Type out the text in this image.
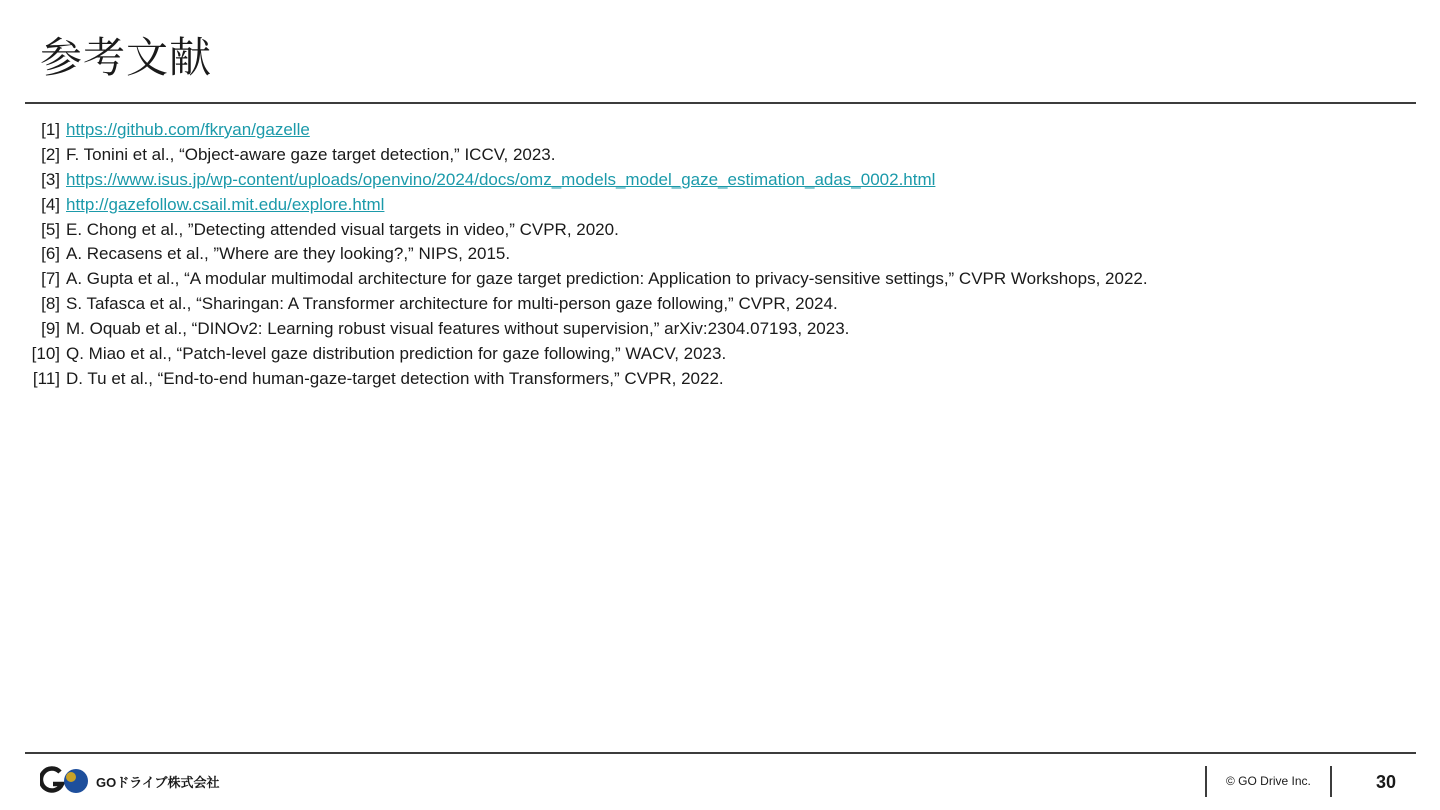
参考文献
[1] https://github.com/fkryan/gazelle
[2] F. Tonini et al., “Object-aware gaze target detection,” ICCV, 2023.
[3] https://www.isus.jp/wp-content/uploads/openvino/2024/docs/omz_models_model_gaze_estimation_adas_0002.html
[4] http://gazefollow.csail.mit.edu/explore.html
[5] E. Chong et al., ”Detecting attended visual targets in video,” CVPR, 2020.
[6] A. Recasens et al., ”Where are they looking?,” NIPS, 2015.
[7] A. Gupta et al., “A modular multimodal architecture for gaze target prediction: Application to privacy-sensitive settings,” CVPR Workshops, 2022.
[8] S. Tafasca et al., “Sharingan: A Transformer architecture for multi-person gaze following,” CVPR, 2024.
[9] M. Oquab et al., “DINOv2: Learning robust visual features without supervision,” arXiv:2304.07193, 2023.
[10] Q. Miao et al., “Patch-level gaze distribution prediction for gaze following,” WACV, 2023.
[11] D. Tu et al., “End-to-end human-gaze-target detection with Transformers,” CVPR, 2022.
GOドライブ株式会社	© GO Drive Inc.	30
